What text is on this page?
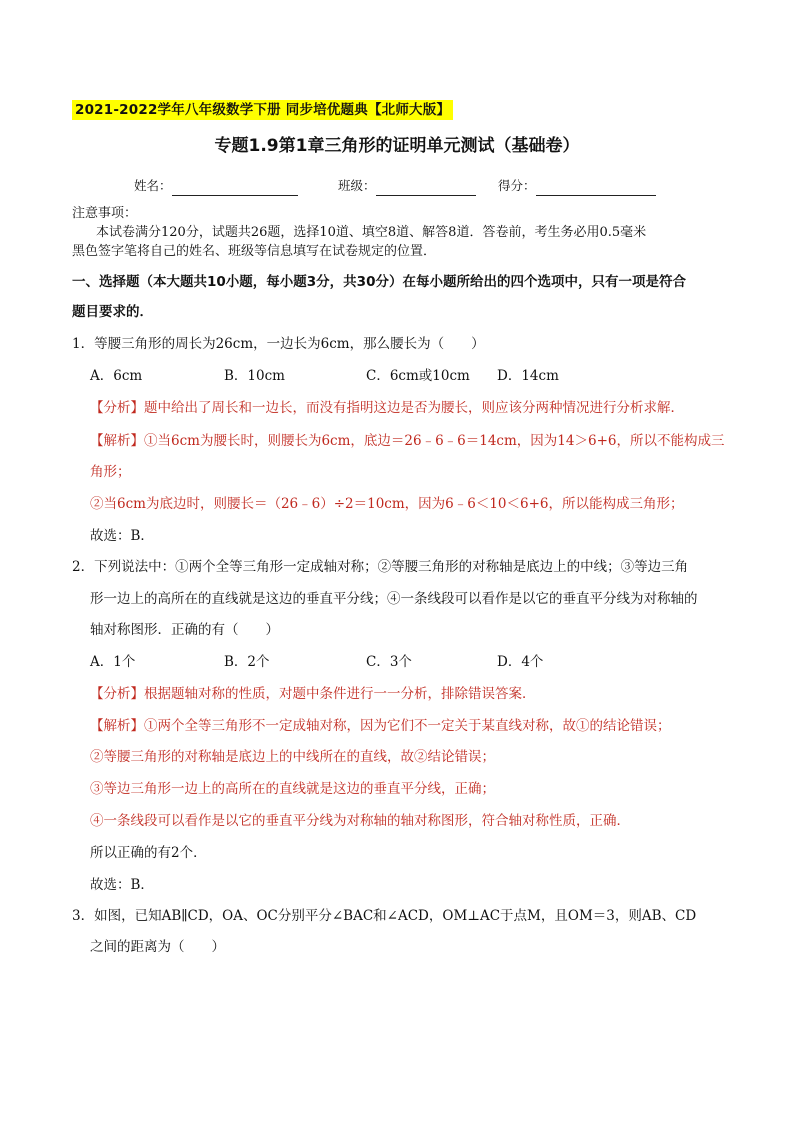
2021-2022学年八年级数学下册 同步培优题典【北师大版】
专题1.9第1章三角形的证明单元测试（基础卷）
姓名：	班级：	得分：
注意事项：
本试卷满分120分，试题共26题，选择10道、填空8道、解答8道．答卷前，考生务必用0.5毫米
黑色签字笔将自己的姓名、班级等信息填写在试卷规定的位置．
一、选择题（本大题共10小题，每小题3分，共30分）在每小题所给出的四个选项中，只有一项是符合
题目要求的．
1．等腰三角形的周长为26cm，一边长为6cm，那么腰长为（　　）
A．6cm	B．10cm	C．6cm或10cm D．14cm
【分析】题中给出了周长和一边长，而没有指明这边是否为腰长，则应该分两种情况进行分析求解．
【解析】①当6cm为腰长时，则腰长为6cm，底边＝26﹣6﹣6＝14cm，因为14＞6+6，所以不能构成三
角形；
②当6cm为底边时，则腰长＝（26﹣6）÷2＝10cm，因为6﹣6＜10＜6+6，所以能构成三角形；
故选：B．
2．下列说法中：①两个全等三角形一定成轴对称；②等腰三角形的对称轴是底边上的中线；③等边三角
形一边上的高所在的直线就是这边的垂直平分线；④一条线段可以看作是以它的垂直平分线为对称轴的
轴对称图形．正确的有（　　）
A．1个	B．2个	C．3个	D．4个
【分析】根据题轴对称的性质，对题中条件进行一一分析，排除错误答案．
【解析】①两个全等三角形不一定成轴对称，因为它们不一定关于某直线对称，故①的结论错误；
②等腰三角形的对称轴是底边上的中线所在的直线，故②结论错误；
③等边三角形一边上的高所在的直线就是这边的垂直平分线，正确；
④一条线段可以看作是以它的垂直平分线为对称轴的轴对称图形，符合轴对称性质，正确．
所以正确的有2个．
故选：B．
3．如图，已知AB∥CD，OA、OC分别平分∠BAC和∠ACD，OM⊥AC于点M，且OM＝3，则AB、CD
之间的距离为（　　）
